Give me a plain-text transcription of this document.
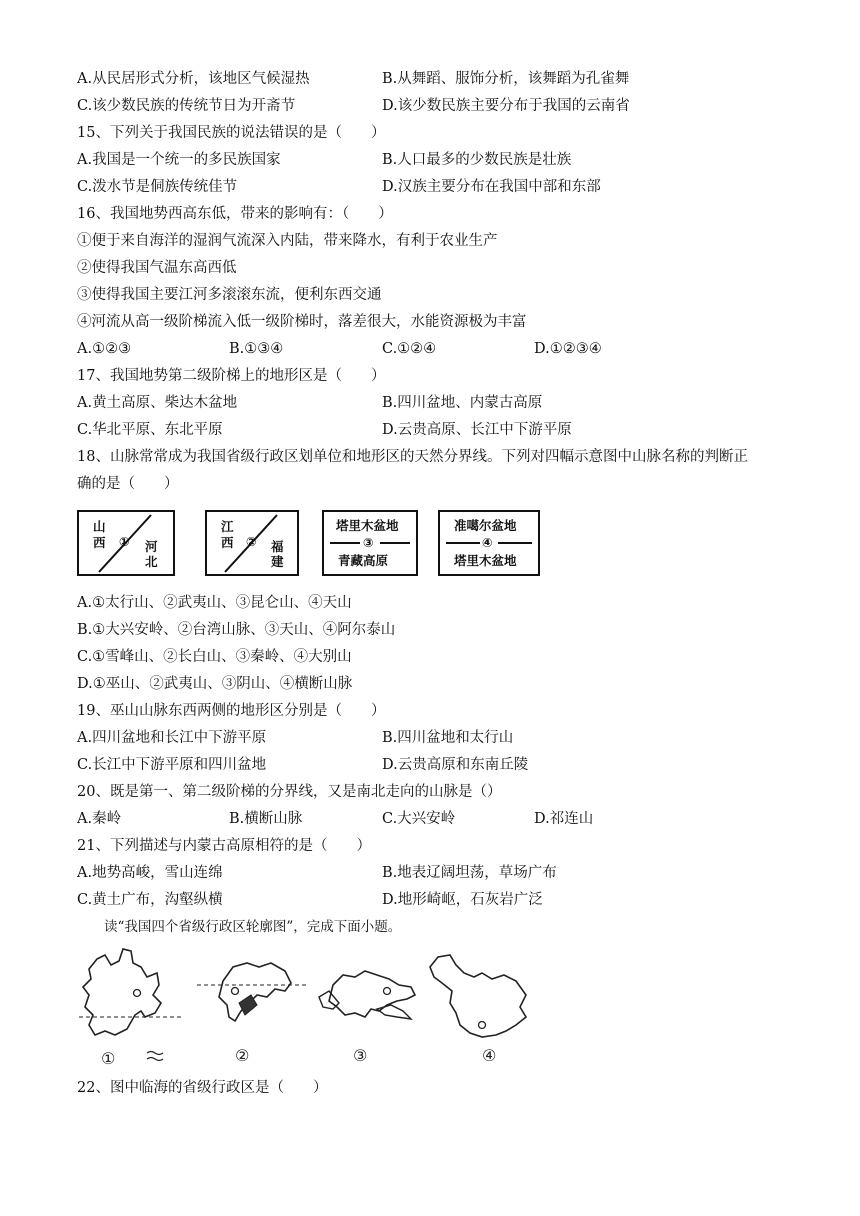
A.从民居形式分析，该地区气候湿热	B.从舞蹈、服饰分析，该舞蹈为孔雀舞
C.该少数民族的传统节日为开斋节	D.该少数民族主要分布于我国的云南省
15、下列关于我国民族的说法错误的是（　　）
A.我国是一个统一的多民族国家	B.人口最多的少数民族是壮族
C.泼水节是侗族传统佳节	D.汉族主要分布在我国中部和东部
16、我国地势西高东低，带来的影响有：（　　）
①便于来自海洋的湿润气流深入内陆，带来降水，有利于农业生产
②使得我国气温东高西低
③使得我国主要江河多滚滚东流，便利东西交通
④河流从高一级阶梯流入低一级阶梯时，落差很大，水能资源极为丰富
A.①②③	B.①③④	C.①②④	D.①②③④
17、我国地势第二级阶梯上的地形区是（　　）
A.黄土高原、柴达木盆地	B.四川盆地、内蒙古高原
C.华北平原、东北平原	D.云贵高原、长江中下游平原
18、山脉常常成为我国省级行政区划单位和地形区的天然分界线。下列对四幅示意图中山脉名称的判断正
确的是（　　）
山
西 ① 河
北
江
西 ② 福
建
塔里木盆地
③
青藏高原
准噶尔盆地
④
塔里木盆地
A.①太行山、②武夷山、③昆仑山、④天山
B.①大兴安岭、②台湾山脉、③天山、④阿尔泰山
C.①雪峰山、②长白山、③秦岭、④大别山
D.①巫山、②武夷山、③阴山、④横断山脉
19、巫山山脉东西两侧的地形区分别是（　　）
A.四川盆地和长江中下游平原	B.四川盆地和太行山
C.长江中下游平原和四川盆地	D.云贵高原和东南丘陵
20、既是第一、第二级阶梯的分界线，又是南北走向的山脉是（）
A.秦岭	B.横断山脉	C.大兴安岭	D.祁连山
21、下列描述与内蒙古高原相符的是（　　）
A.地势高峻，雪山连绵	B.地表辽阔坦荡，草场广布
C.黄土广布，沟壑纵横	D.地形崎岖，石灰岩广泛
读“我国四个省级行政区轮廓图”，完成下面小题。
①	②	③	④
22、图中临海的省级行政区是（　　）
